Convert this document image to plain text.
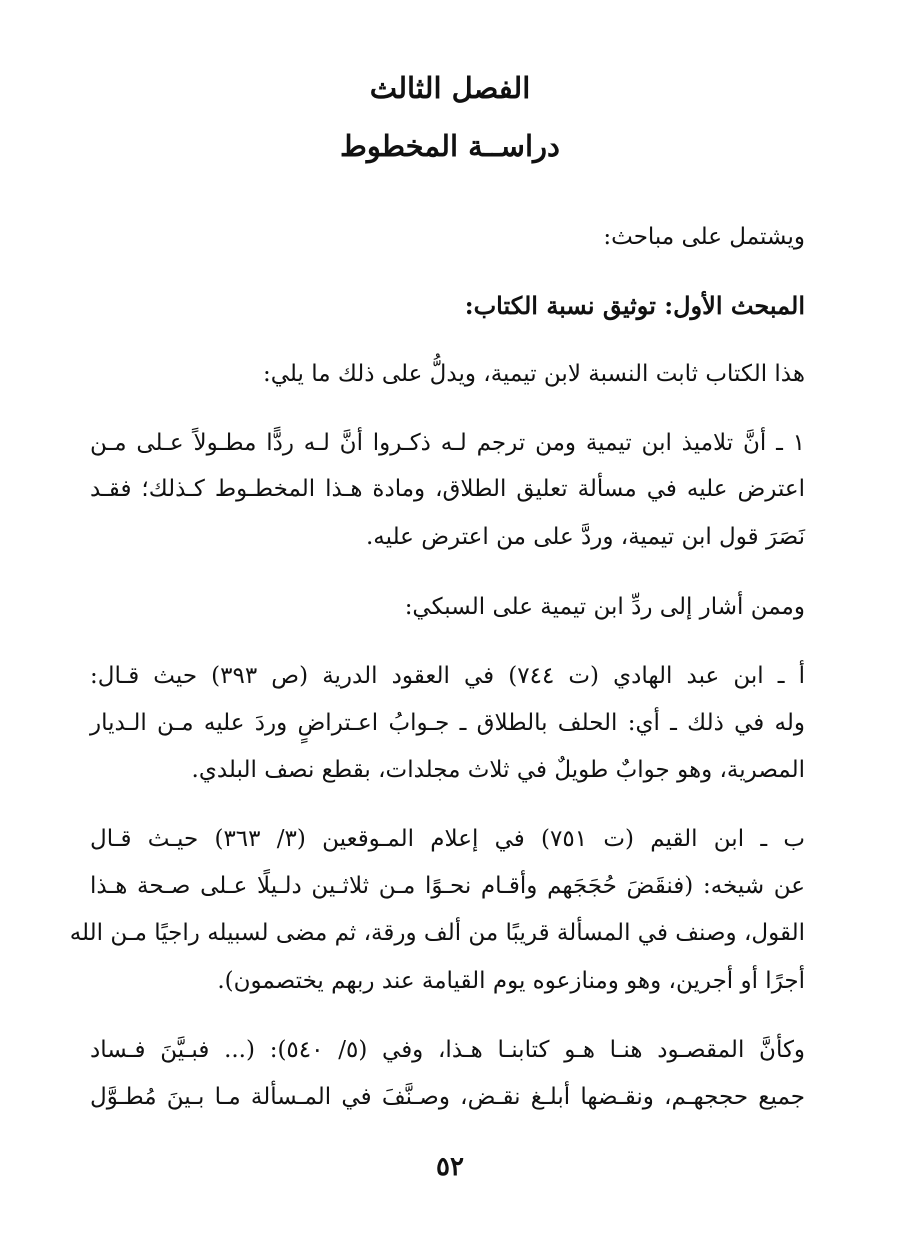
الفصل الثالث
دراســة المخطوط
ويشتمل على مباحث:
المبحث الأول: توثيق نسبة الكتاب:
هذا الكتاب ثابت النسبة لابن تيمية، ويدلُّ على ذلك ما يلي:
١ ـ أنَّ تلاميذ ابن تيمية ومن ترجم لـه ذكـروا أنَّ لـه ردًّا مطـولاً عـلى مـن
اعترض عليه في مسألة تعليق الطلاق، ومادة هـذا المخطـوط كـذلك؛ فقـد
نَصَرَ قول ابن تيمية، وردَّ على من اعترض عليه.
وممن أشار إلى ردِّ ابن تيمية على السبكي:
أ ـ ابن عبد الهادي (ت ٧٤٤) في العقود الدرية (ص ٣٩٣) حيث قـال:
وله في ذلك ـ أي: الحلف بالطلاق ـ جـوابُ اعـتراضٍ وردَ عليه مـن الـديار
المصرية، وهو جوابٌ طويلٌ في ثلاث مجلدات، بقطع نصف البلدي.
ب ـ ابن القيم (ت ٧٥١) في إعلام المـوقعين (٣/ ٣٦٣) حيـث قـال
عن شيخه: (فنقَضَ حُجَجَهم وأقـام نحـوًا مـن ثلاثـين دلـيلًا عـلى صـحة هـذا
القول، وصنف في المسألة قريبًا من ألف ورقة، ثم مضى لسبيله راجيًا مـن الله
أجرًا أو أجرين، وهو ومنازعوه يوم القيامة عند ربهم يختصمون).
وكأنَّ المقصـود هنـا هـو كتابنـا هـذا، وفي (٥/ ٥٤٠): (... فبـيَّنَ فـساد
جميع حججهـم، ونقـضها أبلـغ نقـض، وصـنَّفَ في المـسألة مـا بـينَ مُطـوَّل
٥٢
